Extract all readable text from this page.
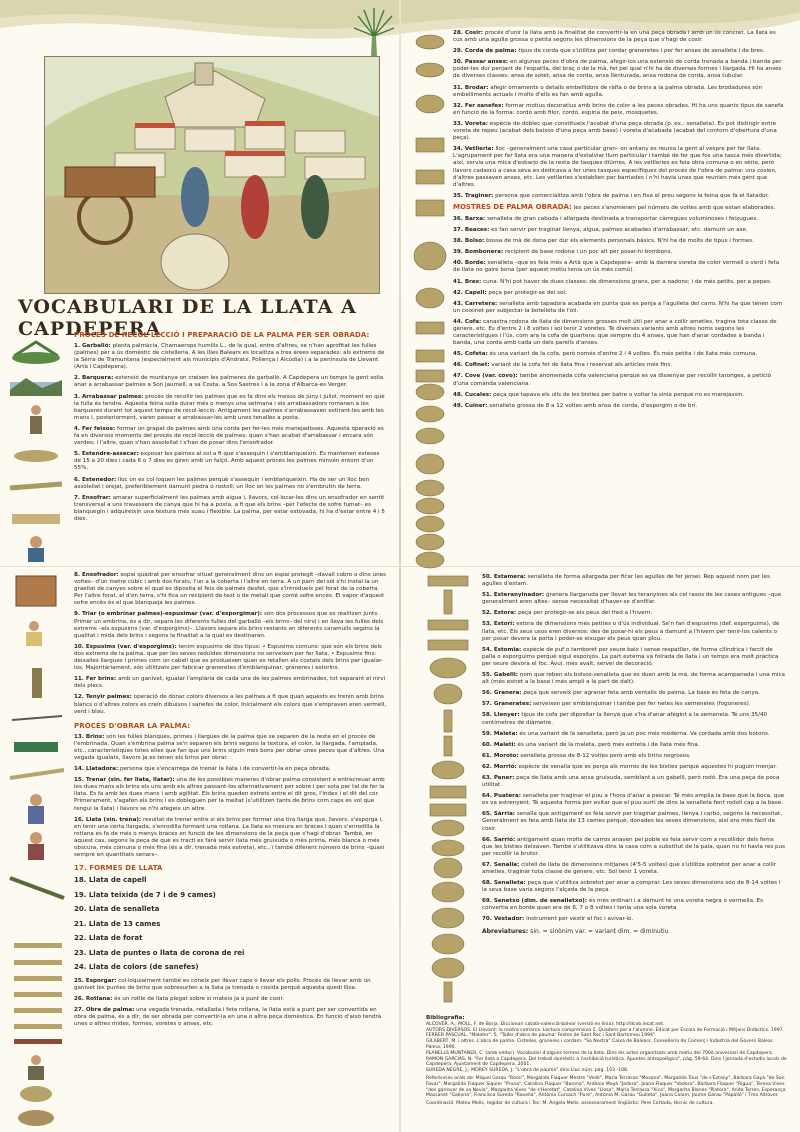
VOCABULARI DE LA LLATA A CAPDEPERA
PROCÉS DE RECOL·LECCIÓ I PREPARACIÓ DE LA PALMA PER SER OBRADA:
1. Garballó: planta palmàcia, Chamaerops humilis L., de la qual, entre d'altres, se n'han aprofitat les fulles (palmes) per a ús domèstic de cistelleria. A les Illes Balears es localitza a tres àrees separades: als extrems de la Serra de Tramuntana (especialment als municipis d'Andratx, Pollença i Alcúdia) i a la península de Llevant (Artà i Capdepera).
2. Barquera: extensió de muntanya on creixen les palmeres de garballó. A Capdepera un temps la gent solia anar a arrabassar palmes a Son Jaumell, a sa Costa, a Sos Sastres i a la zona d'Albarca-es Verger.
3. Arrabassar palmes: procés de recollir les palmes que es fa dins els mesos de juny i juliol, moment en què la fulla és tendra. Aquesta feina solia durar més o menys una setmana i els arrabassadors romanen a les barqueres durant tot aquest temps de recol·lecció. Antigament les palmes s'arrabassaven estirant-les amb les mans i, posteriorment, varen passar a arrabassar-les amb unes tenalles a posta.
4. Fer feixos: formar un grapat de palmes amb una corda per fer-les més manejadisses. Aquesta operació es fa en diversos moments del procés de recol·lecció de palmes: quan s'han acabat d'arrabassar i encara són verdes; i l'altre, quan s'han assolellat i s'han de posar dins l'ensofrador.
5. Estendre-assecar: exposar les palmes al sol a fi que s'assequin i s'emblanqueixin. Es mantenen esteses de 15 a 20 dies i cada 6 o 7 dies es giren amb un falçó. Amb aquest procés les palmes minven entorn d'un 55%.
6. Estenedor: lloc on es col·loquen les palmes perquè s'assequin i emblanqueixin. Ha de ser un lloc ben assolellat i orejat, preferiblement damunt pedra o rostoll; un lloc on les palmes no s'embrutin de terra.
7. Ensofrar: amarar superficialment les palmes amb aigua i, llavors, col·locar-les dins un ensofrador en sentit transversal a uns travessers de canya que hi ha a posta, a fi que els brins –per l'efecte de sofre fumat– es blanquegin i adquireixin una textura més suau i flexible. La palma, per estar estovada, hi ha d'estar entre 4 i 5 dies.
8. Ensofrador: espai quadrat per ensofrar situat generalment dins un espai protegit –davall cobro o dins unes voltes– d'un metre cúbic i amb dos forats, l'un a la coberta i l'altre en terra. A un parn del sòl s'hi instal·la un graellat de canyes sobre el qual es diposita el feix de palmes desfet, que s'introdueix pel forat de la coberta. Per l'altre forat, el d'en terra, s'hi fica un recipient de test o de metall que conté sofre encès. El vapor d'aquest sofre encès és el que blanqueja les palmes.
9. Triar (o embrinar palmes)-espusimar (var. d'esporgimar): són dos processos que es realitzen junts. Primer un embrina, és a dir, separa les diferents fulles del garballó –els brins– del nirvi i en lleva les fulles dels extrems –els espusims (var. d'esporgims)–. Llavors separa els brins restants en diferents caramulls segons la qualitat i mida dels brins i segons la finalitat a la qual es destinaran.
10. Espusims (var. d'esporgims): tenim espusims de dos tipus: • Espusims comuns: que són els brins dels dos extrems de la palma, que per les seves reduïdes dimensions no serveixen per fer llata. • Espusims fins: deixalles llargues i primes com un cabell que es produeixen quan es retallen els costats dels brins per igualar-los. Majoritàriament, són utilitzats per fabricar graneretes d'emblanquinar, graneres i estorins.
11. Fer brins: amb un ganivet, igualar l'amplària de cada una de les palmes embrinades, tot separant el nirvi dels plecs.
12. Tenyir palmes: operació de donar colors diversos a les palmes a fi que quan aquests es trenin amb brins blancs o d'altres colors es creïn dibuixos i sanefes de color. Inicialment els colors que s'empraven eren vermell, verd i blau.
PROCÉS D'OBRAR LA PALMA:
13. Brins: són les fulles blanques, primes i llargues de la palma que se separen de la resta en el procés de l'embrinada. Quan s'embrina palma se'n separen els brins segons la textura, el color, la llargada, l'amplada, etc., característiques totes elles que fan que uns brins siguin més bons per obrar unes peces que d'altres. Una vegada igualats, llavors ja es tenen els brins per obrar.
14. Llatadora: persona que s'encarrega de trenar la llata i de convertir-la en peça obrada.
15. Trenar (sin. fer llata, llatar): una de les possibles maneres d'obrar palma consistent a entrecreuar amb les dues mans els brins els uns amb els altres passant-los alternativament per sobre i per sota per tal de fer la llata. Es fa amb les dues mans i amb agilitat. Els brins queden estrets entre el dit gros, l'índex i el dit del cor. Primerament, s'agafen els brins i es dobleguen per la meitat (s'utilitzen tants de brins com caps es vol que tengui la llata) i llavors se n'hi afegeix un altre.
16. Llata (sin. trena): resultat de trenar entre si els brins per formar una tira llarga que, llavors, s'esporga i, en tenir una certa llargada, s'enrodilla formant una rotlana. La llata es mesura en braces i quan s'enrodilla la rotlana es fa de més o menys braces en funció de les dimensions de la peça que s'hagi d'obrar. També, en aquest cas, segons la peça de què es tracti es farà servir llata més gruixuda o més prima, més blanca o més obscura, més comuna o més fina (és a dir, trenada més estreta), etc., i també diferent número de brins –quasi sempre en quantitats senars–.
17. FORMES DE LLATA
18. Llata de capell
19. Llata teixida (de 7 i de 9 cames)
20. Llata de senalleta
21. Llata de 13 cames
22. Llata de forat
23. Llata de puntes o llata de corona de rei
24. Llata de colors (de sanefes)
25. Esporgar: col·loquialment també es coneix per llevar caps o llevar els polls. Procés de llevar amb un ganivet les puntes de brins que sobresurten a la llata ja trenada o cosida perquè aquesta quedi llisa.
26. Rotlana: és un rotlle de llata plegat sobre si mateix ja a punt de cosir.
27. Obra de palma: una vegada trenada, retallada i feta rotlana, la llata està a punt per ser convertida en obra de palma, és a dir, de ser obrada per convertir-la en una o altra peça domèstica. En funció d'això tendrà unes o altres mides, formes, voretes o anses, etc.
28. Cosir: procés d'unir la llata amb la finalitat de convertir-la en una peça obrada i amb un ús concret. La llata es cus amb una agulla grossa o petita segons les dimensions de la peça que s'hagi de cosir.
29. Corda de palma: tipus de corda que s'utilitza per cordar graneretes i per fer anses de senalleta i de bres.
30. Passar anses: en algunes peces d'obra de palma, afegir-los una extensió de corda trenada a banda i banda per poder-les dur penjant de l'espatlla, del braç o de la mà, fet pel qual n'hi ha de diverses formes i llargada. Hi ha anses de diverses classes: ansa de sotet, ansa de corda, ansa llenturada, ansa rodona de corda, ansa tubular.
31. Brodar: afegir ornaments o detalls embellidors de ràfia o de brins a la palma obrada. Les brodadures són embelliments actuals i molts d'ells es fan amb agulla.
32. Fer sanefes: formar motius decoratius amb brins de color a les peces obrades. Hi ha uns quants tipus de sanefa en funció de la forma: cordó amb filor, cordó, espina de peix, mosquetes.
33. Voreta: espècie de doblec que constitueix l'acabat d'una peça obrada (p. ex.: senalleta). Es pot distingir entre voreta de repeu (acabat dels baixos d'una peça amb base) i voreta d'acabada (acabat del contorn d'obertura d'una peça).
34. Vetlleria: lloc –generalment una casa particular gran– on antany es reunia la gent al vespre per fer llata. L'agrupament per fer llata era una manera d'estalviar llum particular i també de fer que fos una tasca més divertida; així, servia una mica d'esbarjo de la resta de tasques diürnes. A les vetlleries es feia obra comuna o en sèrie, però llavors cadascú a casa seva es dedicava a fer unes tasques específiques del procés de l'obra de palma: uns cosien, d'altres passaven anses, etc. Les vetlleries s'establien per barriades i n'hi havia unes que reunien més gent que d'altres.
35. Traginer: persona que comercialitza amb l'obra de palma i en fixa el preu segons la feina que fa el llatador.
MOSTRES DE PALMA OBRADA: les peces s'anomenen pel número de voltes amb que estan elaborades.
36. Barxa: senalleta de gran cabuda i allargada destinada a transportar càrregues voluminoses i feixugues.
37. Beaces: es fan servir per traginar llenya, aigua, palmes acabades d'arrabassar, etc. damunt un ase.
38. Bolso: bossa de mà de dona per dur els elements personals bàsics. N'hi ha de molts de tipus i formes.
39. Bombonera: recipient de base rodona i un poc alt per posar-hi bombons.
40. Borde: senalleta –que es feia més a Artà que a Capdepera– amb la darrera voreta de color vermell o verd i feta de llata no gaire bona (per aquest motiu tenia un ús més comú).
41. Bres: cuna. N'hi pot haver de dues classes: de dimensions grans, per a nadons; i de més petits, per a pepes.
42. Capell: peça per protegir-se del sol.
43. Carretera: senalleta amb tapadora acabada en punta que es penja a l'agulleta del carro. N'hi ha que tenen com un coixinet per subjectar la botelleta de l'oli.
44. Cofa: canastra rodona de llata de dimensions grosses molt útil per anar a collir ametles, tragina tota classe de gènere, etc. Es d'entre 2 i 8 voltes i sol tenir 2 voretes. Té diverses variants amb altres noms segons les característiques i l'ús, com ara la cofa de quartera; que sempre du 4 anses, que han d'anar cordades a banda i banda, una corda amb cada un dels parells d'anses.
45. Cofeta: és una variant de la cofa, però només d'entre 2 i 4 voltes. És més petita i de llata més comuna.
46. Cofinet: variant de la cofa fet de llata fina i reservat als articles més fins.
47. Cove (var. covo): també anomenada cofa valenciana perquè es va dissenyar per recollir taronges, a petició d'una comanda valenciana.
48. Cucales: peça que tapava els ulls de les bísties per batre o voltar la sínia perquè no es marejassin.
49. Cuiner: senalleta grossa de 8 a 12 voltes amb ansa de corda, d'esporgim o de bri.
50. Estamera: senalleta de forma allargada per ficar les agulles de fer jersei. Rep aquest nom per les agulles d'estam.
51. Esteranyinador: granera llargaruda per llevar les teranyines als cel rasos de les cases antigues –que generalment eren altes– sense necessitat d'haver-se d'enfilar.
52. Estora: peça per protegir-se els peus del fred a l'hivern.
53. Estorí: estora de dimensions més petites o d'ús individual. Se'n fan d'espusims (def. esporguims), de llata, etc. Els seus usos eren diversos: des de posar-hi els peus a damunt a l'hivern per tenir-los calents o per posar devora la porta i poder-se eixugar els peus quan plou.
54. Estomia: espècie de puf o tamboret per seure baix i sense respatller, de forma cilíndrica i farcit de palla o esporguims perquè sigui esponjós. La part externa va folrada de llata i un temps era molt pràctica per seure devora el foc. Avui, més avait, servei de decoració.
55. Gabelli: nom que reben els bolsos-senalleta que es duen amb la mà, de forma acampanada i una mica alt (més estret a la base i més ampli a la part de dalt).
56. Granera: peça que serveix per agranar feta amb ventalls de palma. La base és feta de canya.
57. Granerates: serveixen per emblanquinar i també per fer netes les xemeneies (fogoneres).
58. Llenyer: tipus de cofa per dipositar la llenya que s'ha d'anar afegint a la xemeneia. Té uns 35/40 centímetres de diàmetre.
59. Maleta: és una variant de la senalleta, però ja un poc més moderna. Va cordada amb dos botons.
60. Maleti: és una variant de la maleta, però més estreta i de llata més fina.
61. Moroto: senalleta grossa de 8-12 voltes però amb els brins negrosos.
62. Morrió: espècie de senalla que es penja als morros de les bísties perquè aquestes hi puguin menjar.
63. Paner: peça de llata amb una ansa gruixuda, semblant a un gabelli, però rodó. Era una peça de poca utilitat.
64. Puatera: senalleta per traginar el puu a l'hora d'anar a pescar. Té més amplia la base que la boca, que es va estrenyent. Té aquesta forma per evitar que el puu surti de dins la senalleta fent rodolí cap a la base.
65. Sàrria: senalla que antigament es feia servir per traginar palmes, llenya i carbó, segons la necessitat. Generalment es feia amb llata de 13 cames perquè, donades les seves dimensions, així era més fàcil de cosir.
66. Sarrió: antigament quan molts de carros anaven pel poble es feia servir com a recollidor dels fems que les bísties deixaven. També s'utilitzava dins la casa com a substitut de la pala, quan no hi havia res pus per recollir la brutor.
67. Senalla: cistell de llata de dimensions mitjanes (4'5-5 voltes) que s'utilitza sobretot per anar a collir ametles, traginar tota classe de gènere, etc. Sol tenir 1 voreta.
68. Senalleta: peça que s'utilitza sobretot per anar a comprar. Les seves dimensions són de 8-14 voltes i la seva base varia segons l'alçada de la peça.
69. Senetxo (dim. de senalletxo): és més ordinari i a damunt té una voreta negra o vermella. Es convertia en borde quan era de 6, 7 o 8 voltes i tenia una sola voreta
70. Vestador: instrument per vestir el foc i avivar-lo.
Abreviatures: sin. = sinònim var. = variant dim. = diminutiu
Bibliografia:
ALCOVER, A.; MOLL, F. de Borja. Diccionari català-valencià-balear (versió en línia): http://dcvb.iecat.net.
AUTORS DIVERSOS. El Llevant: la nostra comarca. Lectura comprensiva 1. Quadern per a l'alumne. Edicat per Escola de Formació i Mitjans Didàctics. 1997.
FERRER PASCUAL, "Maleter". 5. "Taller d'obra de pauma: Festes de Sant Roc i Sant Bartomeu 1994".
GILABERT, M. i altres. L'obra de palma. Cistelles, graneres i cordam. "Sa Nostra" Caixa de Balears. Conselleria de Comerç i Indústria del Govern Balear. Palma, 1990.
PLANELLS MUNTANER, C. (amb editor). Vocabulari d'alguns termes de la llata. Dins els actes organitzats amb motiu del 700è aniversari de Capdepera.
RAMON GARCIAS, N. "Fer llata a Capdepera. Del treball domèstic a l'exhibició turística. Apuntes antropològics", pàg. 59-64. Dins I Jornada d'estudis locals de Capdepera. Ajuntament de Capdepera, 2001.
SUREDA NEGRE, J.; MOREY SUREDA, J. "L'obra de pauma" dins Lluc núm. pàg. 103 -108.
Referències orals de: Miquel Garau "Rossi", Margalida Flaquer Mestre "Velló", Maria Terrassa "Mosona", Margalida Tous "de s'Estany", Bàrbara Gayà "de Son Favar", Margalida Flaquer Siquier "Pruna", Catalina Flaquer "Barona", Antònia Moyà "Jadora", Joana Flaquer "Vadora", Bàrbara Flaquer "Rigua", Teresa Vives "des garrover de sa Novia", Margarita Vives "de s'Heretat", Catalina Vives "Llosa", Maria Terrassa "Xica", Margarita Blanes "Pintora", Anita Torres, Esperança Massanet "Galiona", Francisca Sureda "Ravella", Antònia Cursach "Pure", Antònia M. Garau "Gulleta", Joana Colom, Jaume Garau "Papalló" i Tmo Adrover.
Coordinació: Mateu Melis, regidor de cultura i Tec: M. Àngela Melis, assessorament lingüístic: Pere Cortada, tècnic de cultura.
